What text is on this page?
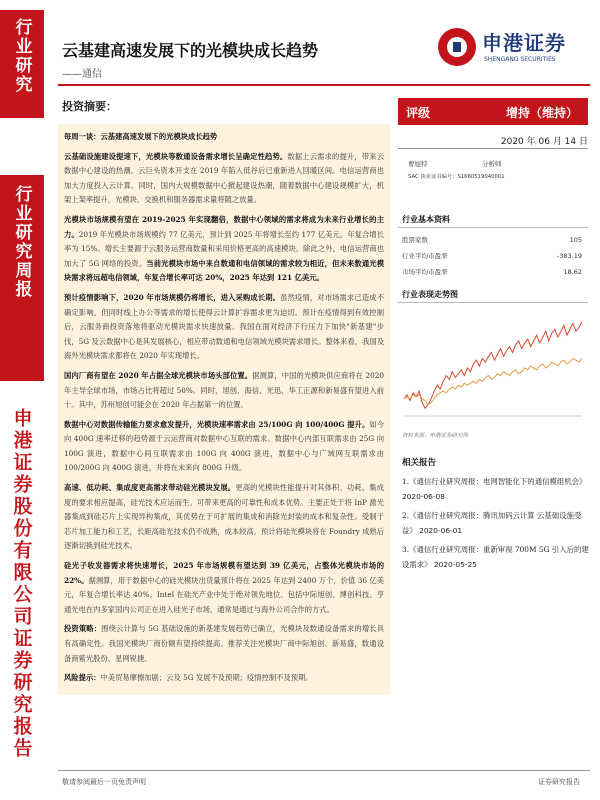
行业研究
行业研究周报
申港证券股份有限公司证券研究报告
云基建高速发展下的光模块成长趋势
——通信
申港证券
SHENGANG SECURITIES
投资摘要：

每周一谈：云基建高速发展下的光模块成长趋势

云基础设施建设提速下，光模块等数通设备需求增长呈确定性趋势。数据上云需求的提升，带来云数据中心建设的热潮。云巨头资本开支在 2019 年陷入低谷后已重新进入回暖区间。电信运营商也加大力度投入云计算。同时，国内大规模数据中心掀起建设热潮，随着数据中心建设规模扩大，机架上架率提升，光模块、交换机和服务器需求量将随之放量。

光模块市场规模有望在 2019-2025 年实现翻倍，数据中心领域的需求将成为未来行业增长的主力。2019 年光模块市场规模约 77 亿美元，预计到 2025 年将增长至约 177 亿美元，年复合增长率为 15%。增长主要源于云服务运营商数量和采用价格更高的高速模块。除此之外，电信运营商也加大了 5G 网络的投资。当前光模块市场中来自数通和电信领域的需求较为相近，但未来数通光模块需求将远超电信领域，年复合增长率可达 20%，2025 年达到 121 亿美元。

预计疫情影响下，2020 年市场规模仍将增长，进入采购成长期。虽然疫情，对市场需求已造成不确定影响，但同时线上办公等需求的增长使得云计算扩容需求更为迫切。预计在疫情得到有效控制后，云服务商投资落地将驱动光模块需求快速放量。我国在面对经济下行压力下加快"新基建"步伐，5G 及云数据中心是其发展核心，相应带动数通和电信领域光模块需求增长。整体来看，我国及海外光模块需求都将在 2020 年实现增长。

国内厂商有望在 2020 年占据全球光模块市场头部位置。据测算，中国的光模块供应商将在 2020 年主导全球市场，市场占比将超过 50%。同时，旭创、海信、光迅、华工正源和新易盛有望进入前十。其中，苏州旭创可能会在 2020 年占据第一的位置。

数据中心对数据传输能力要求愈发提升，光模块速率需求由 25/100G 向 100/400G 提升。如今向 400G 速率迁移的趋势源于云运营商对数据中心互联的需求。数据中心内部互联需求由 25G 向 100G 演进，数据中心间互联需求由 100G 向 400G 演进，数据中心与广域网互联需求由 100/200G 向 400G 演进，并将在未来向 800G 升级。

高速、低功耗、集成度更高需求带动硅光模块发展。更高的光模块性能提升对其体积、功耗、集成度的要求相应提高，硅光技术应运而生。可带来更高的可靠性和成本优势。主要正处于将 InP 激光器集成到硅芯片上实现异构集成，其优势在于可扩展的集成和消除光封装的成本和复杂性。受制于芯片加工能力和工艺，长距高硅光技术仍不成熟，成本较高。预计将硅光模块将在 Foundry 成熟后逐渐切换到硅光技术。

硅光子收发器需求将快速增长，2025 年市场规模有望达到 39 亿美元，占整体光模块市场的 22%。据测算，用于数据中心的硅光模块出货量预计将在 2025 年达到 2400 万个，价值 36 亿美元，年复合增长率达 40%。Intel 在硅光产业中处于绝对领先地位。包括中际旭创、博创科技、亨通光电在内多家国内公司正在进入硅光子市场，通常是通过与海外公司合作的方式。

投资策略：围绕云计算与 5G 基础设施的新基建发展趋势已确立，光模块及数通设备需求的增长具有高确定性。我国光模块厂商份额有望持续提高。推荐关注光模块厂商中际旭创、新易盛，数通设备商紫光股份、星网锐捷。

风险提示：中美贸易摩擦加剧；云及 5G 发展不及预期；疫情控制不及预期。

评级	增持（维持）
2020 年 06 月 14 日
曹旭特	分析师
SAC 执业证书编号：S1660519040001
行业基本资料
股票家数	105
行业平均市盈率	-383.19
市场平均市盈率	18.62
行业表现走势图
资料来源：申港证券研究所
相关报告
1.《通信行业研究周报：电网智能化下的通信模组机会》 2020-06-08
2.《通信行业研究周报：腾讯加码云计算 云基础设施受益》 2020-06-01
3.《通信行业研究周报：重新审视 700M 5G 引入后的建设需求》 2020-05-25
敬请参阅最后一页免责声明	证券研究报告
